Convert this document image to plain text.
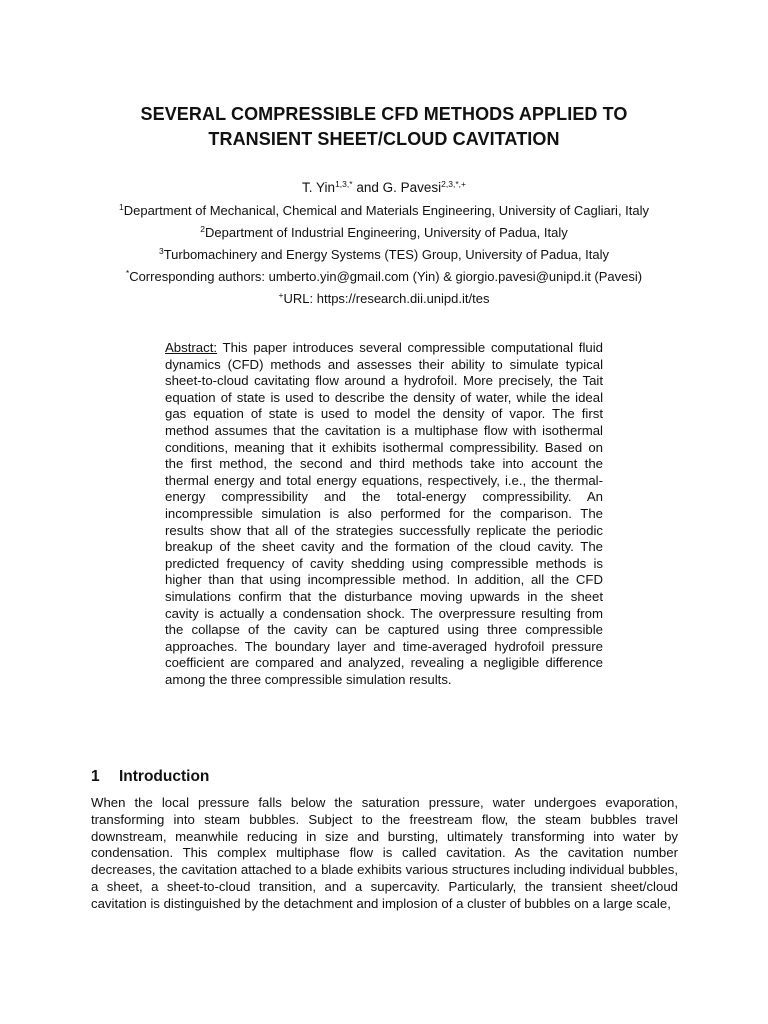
SEVERAL COMPRESSIBLE CFD METHODS APPLIED TO
TRANSIENT SHEET/CLOUD CAVITATION
T. Yin$^{1,3,*}$ and G. Pavesi$^{2,3,*,+}$
$^1$Department of Mechanical, Chemical and Materials Engineering, University of Cagliari, Italy
$^2$Department of Industrial Engineering, University of Padua, Italy
$^3$Turbomachinery and Energy Systems (TES) Group, University of Padua, Italy
*Corresponding authors: umberto.yin@gmail.com (Yin) & giorgio.pavesi@unipd.it (Pavesi)
+URL: https://research.dii.unipd.it/tes
Abstract: This paper introduces several compressible computational fluid dynamics (CFD) methods and assesses their ability to simulate typical sheet-to-cloud cavitating flow around a hydrofoil. More precisely, the Tait equation of state is used to describe the density of water, while the ideal gas equation of state is used to model the density of vapor. The first method assumes that the cavitation is a multiphase flow with isothermal conditions, meaning that it exhibits isothermal compressibility. Based on the first method, the second and third methods take into account the thermal energy and total energy equations, respectively, i.e., the thermal-energy compressibility and the total-energy compressibility. An incompressible simulation is also performed for the comparison. The results show that all of the strategies successfully replicate the periodic breakup of the sheet cavity and the formation of the cloud cavity. The predicted frequency of cavity shedding using compressible methods is higher than that using incompressible method. In addition, all the CFD simulations confirm that the disturbance moving upwards in the sheet cavity is actually a condensation shock. The overpressure resulting from the collapse of the cavity can be captured using three compressible approaches. The boundary layer and time-averaged hydrofoil pressure coefficient are compared and analyzed, revealing a negligible difference among the three compressible simulation results.
1 Introduction
When the local pressure falls below the saturation pressure, water undergoes evaporation, transforming into steam bubbles. Subject to the freestream flow, the steam bubbles travel downstream, meanwhile reducing in size and bursting, ultimately transforming into water by condensation. This complex multiphase flow is called cavitation. As the cavitation number decreases, the cavitation attached to a blade exhibits various structures including individual bubbles, a sheet, a sheet-to-cloud transition, and a supercavity. Particularly, the transient sheet/cloud cavitation is distinguished by the detachment and implosion of a cluster of bubbles on a large scale,
